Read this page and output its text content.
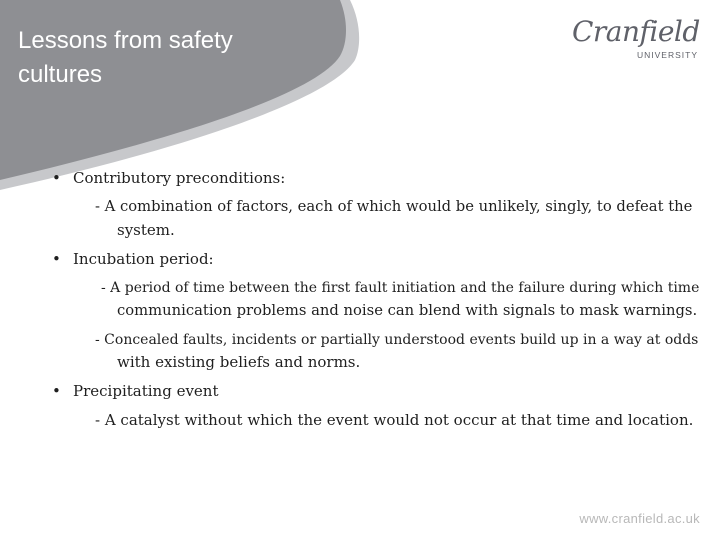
Lessons from safety cultures
Cranfield
UNIVERSITY
• Contributory preconditions:
- A combination of factors, each of which would be unlikely, singly, to defeat the
system.
• Incubation period:
- A period of time between the first fault initiation and the failure during which time
communication problems and noise can blend with signals to mask warnings.
- Concealed faults, incidents or partially understood events build up in a way at odds
with existing beliefs and norms.
• Precipitating event
- A catalyst without which the event would not occur at that time and location.
www.cranfield.ac.uk
